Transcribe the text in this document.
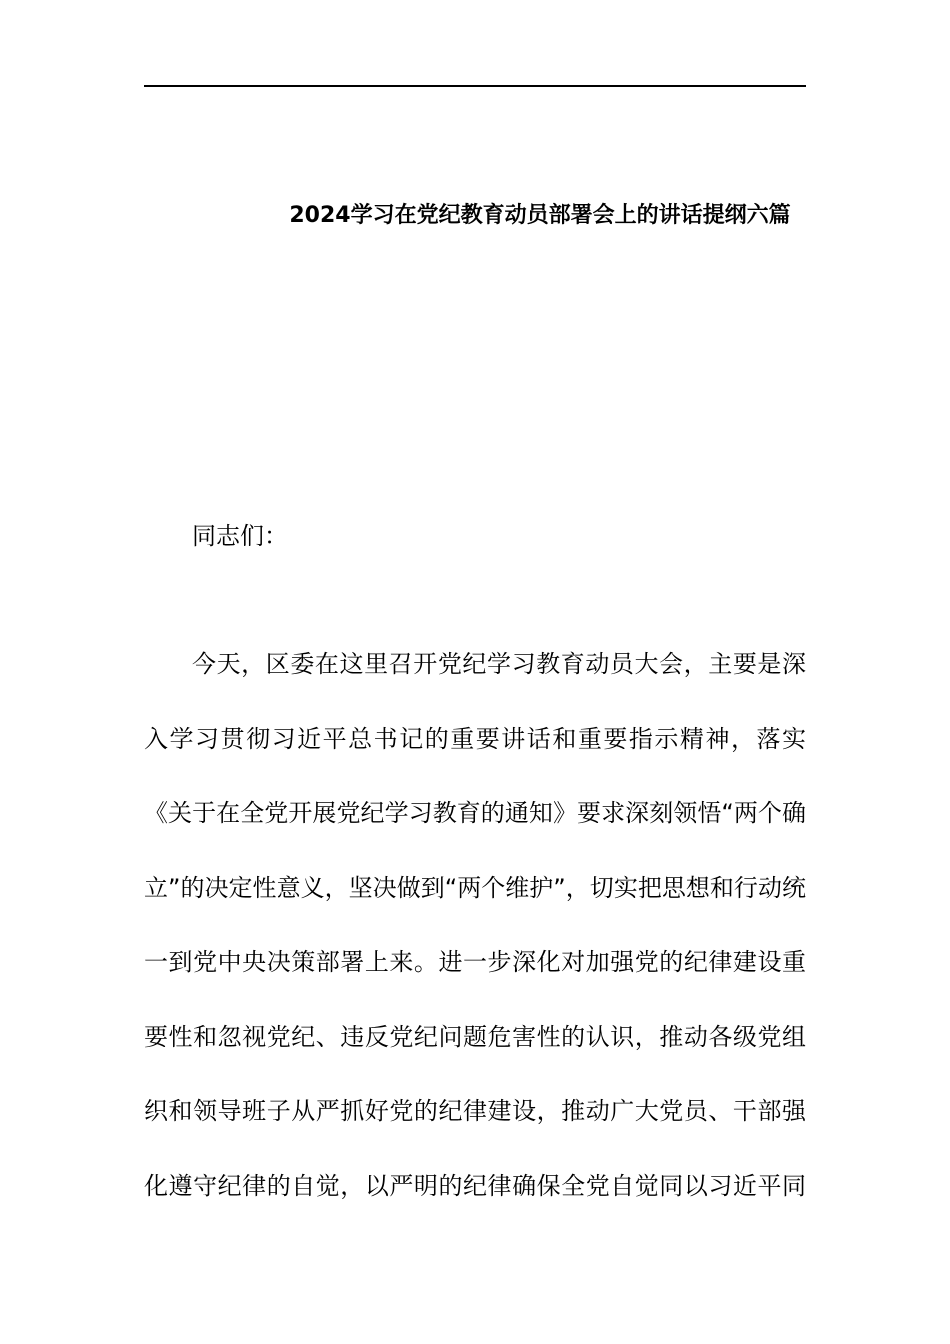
2024学习在党纪教育动员部署会上的讲话提纲六篇
同志们：
今天，区委在这里召开党纪学习教育动员大会，主要是深
入学习贯彻习近平总书记的重要讲话和重要指示精神，落实
《关于在全党开展党纪学习教育的通知》要求深刻领悟“两个确
立”的决定性意义，坚决做到“两个维护”，切实把思想和行动统
一到党中央决策部署上来。进一步深化对加强党的纪律建设重
要性和忽视党纪、违反党纪问题危害性的认识，推动各级党组
织和领导班子从严抓好党的纪律建设，推动广大党员、干部强
化遵守纪律的自觉，以严明的纪律确保全党自觉同以习近平同
